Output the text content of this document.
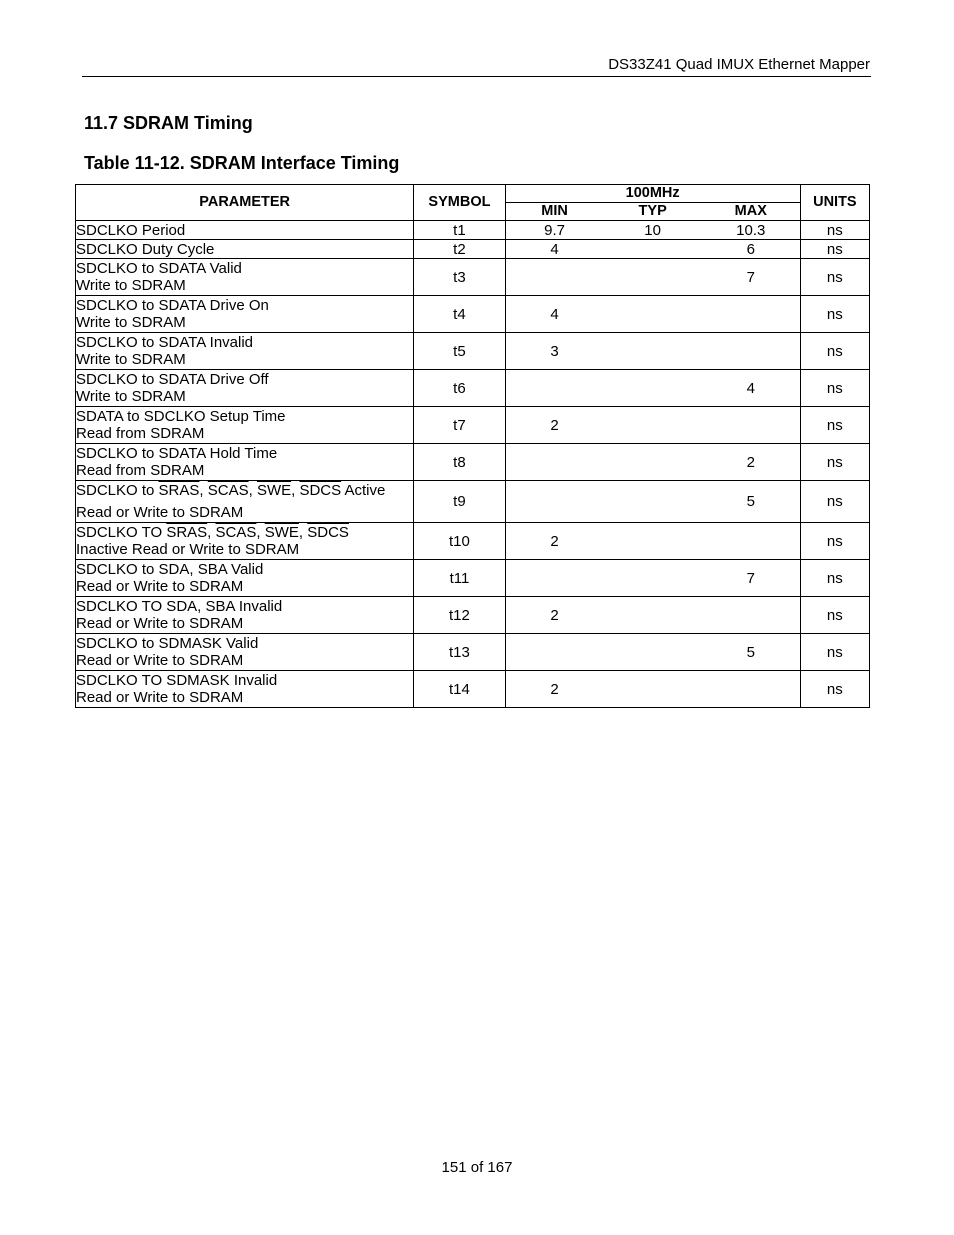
DS33Z41 Quad IMUX Ethernet Mapper
11.7 SDRAM Timing
Table 11-12. SDRAM Interface Timing
PARAMETER	SYMBOL	100MHz			UNITS
		MIN	TYP	MAX	

SDCLKO Period	t1	9.7	10	10.3	ns

SDCLKO Duty Cycle	t2	4		6	ns

SDCLKO to SDATA Valid
Write to SDRAM	t3			7	ns

SDCLKO to SDATA Drive On
Write to SDRAM	t4	4			ns

SDCLKO to SDATA Invalid
Write to SDRAM	t5	3			ns

SDCLKO to SDATA Drive Off
Write to SDRAM	t6			4	ns

SDATA to SDCLKO Setup Time
Read from SDRAM	t7	2			ns

SDCLKO to SDATA Hold Time
Read from SDRAM	t8			2	ns

SDCLKO to SRAS, SCAS, $\overline{SWE}$, SDCS Active
Read or Write to SDRAM	t9			5	ns

SDCLKO TO SRAS, SCAS, $\overline{SWE}$, SDCS
Inactive Read or Write to SDRAM	t10	2			ns

SDCLKO to SDA, SBA Valid
Read or Write to SDRAM	t11			7	ns

SDCLKO TO SDA, SBA Invalid
Read or Write to SDRAM	t12	2			ns

SDCLKO to SDMASK Valid
Read or Write to SDRAM	t13			5	ns

SDCLKO TO SDMASK Invalid
Read or Write to SDRAM	t14	2			ns
151 of 167
